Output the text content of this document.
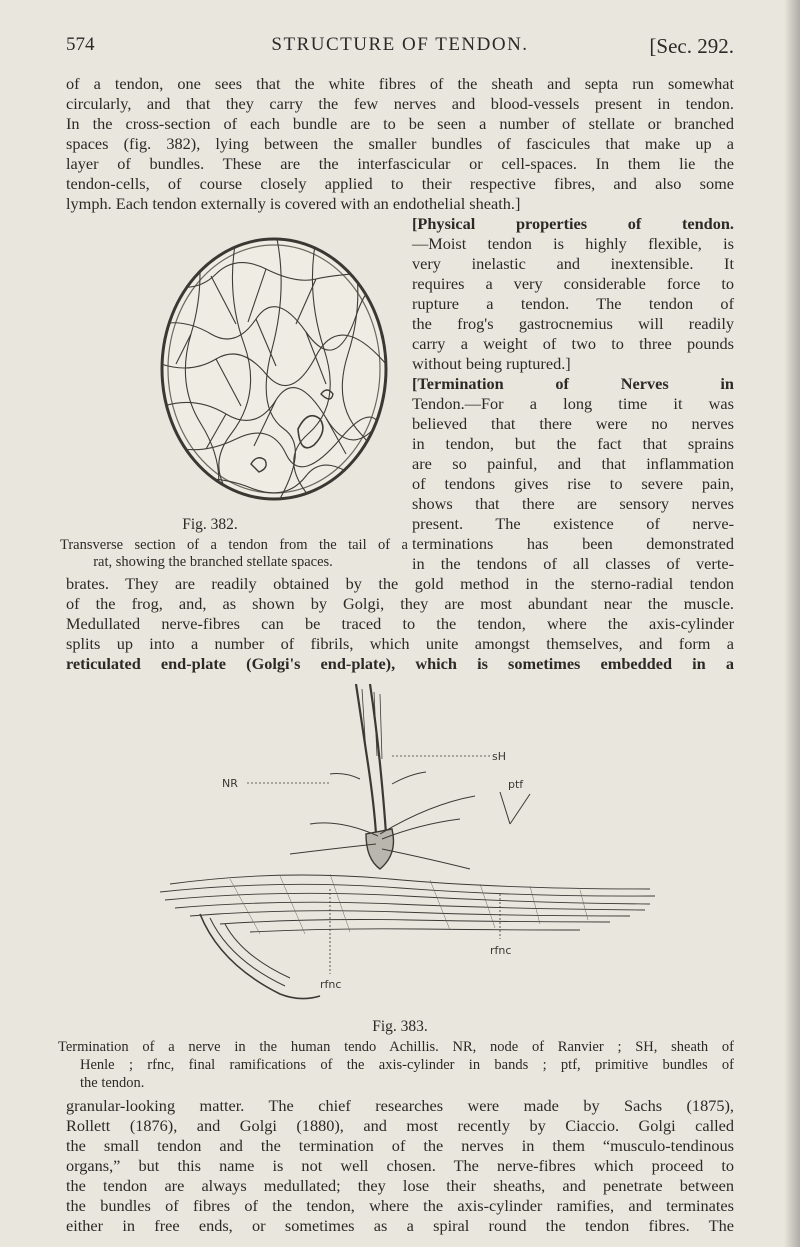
574	STRUCTURE OF TENDON.	[Sec. 292.
of a tendon, one sees that the white fibres of the sheath and septa run somewhat
circularly, and that they carry the few nerves and blood-vessels present in tendon.
In the cross-section of each bundle are to be seen a number of stellate or branched
spaces (fig. 382), lying between the smaller bundles of fascicules that make up a
layer of bundles. These are the interfascicular or cell-spaces. In them lie the
tendon-cells, of course closely applied to their respective fibres, and also some
lymph. Each tendon externally is covered with an endothelial sheath.]
[Physical properties of tendon.
—Moist tendon is highly flexible, is
very inelastic and inextensible. It
requires a very considerable force to
rupture a tendon. The tendon of
the frog's gastrocnemius will readily
carry a weight of two to three pounds
without being ruptured.]
[Termination of Nerves in
Tendon.—For a long time it was
believed that there were no nerves
in tendon, but the fact that sprains
are so painful, and that inflammation
of tendons gives rise to severe pain,
shows that there are sensory nerves
present. The existence of nerve-
terminations has been demonstrated
in the tendons of all classes of verte-
Fig. 382.
Transverse section of a tendon from the tail of a
rat, showing the branched stellate spaces.
brates. They are readily obtained by the gold method in the sterno-radial tendon
of the frog, and, as shown by Golgi, they are most abundant near the muscle.
Medullated nerve-fibres can be traced to the tendon, where the axis-cylinder
splits up into a number of fibrils, which unite amongst themselves, and form a
reticulated end-plate (Golgi's end-plate), which is sometimes embedded in a
NR
sH
ptf
rfnc
rfnc
Fig. 383.
Termination of a nerve in the human tendo Achillis. NR, node of Ranvier ; SH, sheath of
Henle ; rfnc, final ramifications of the axis-cylinder in bands ; ptf, primitive bundles of
the tendon.
granular-looking matter. The chief researches were made by Sachs (1875),
Rollett (1876), and Golgi (1880), and most recently by Ciaccio. Golgi called
the small tendon and the termination of the nerves in them “musculo-tendinous
organs,” but this name is not well chosen. The nerve-fibres which proceed to
the tendon are always medullated; they lose their sheaths, and penetrate between
the bundles of fibres of the tendon, where the axis-cylinder ramifies, and terminates
either in free ends, or sometimes as a spiral round the tendon fibres. The
